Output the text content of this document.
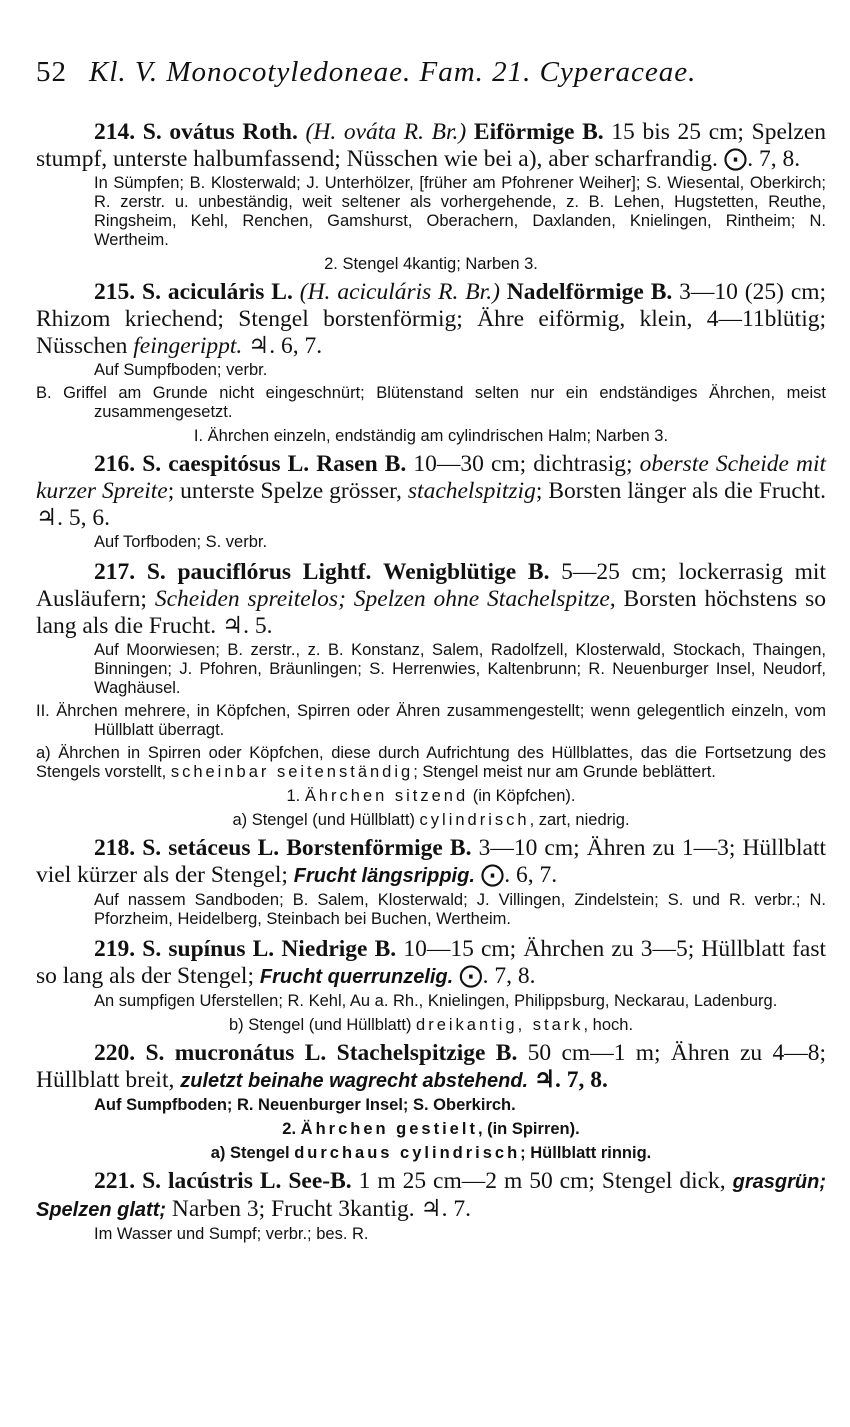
52 Kl. V. Monocotyledoneae. Fam. 21. Cyperaceae.

214. S. ovátus Roth. (H. ováta R. Br.) Eiförmige B. 15 bis 25 cm; Spelzen stumpf, unterste halbumfassend; Nüsschen wie bei a), aber scharfrandig. ⨀. 7, 8.

In Sümpfen; B. Klosterwald; J. Unterhölzer, [früher am Pfohrener Weiher]; S. Wiesental, Oberkirch; R. zerstr. u. unbeständig, weit seltener als vorhergehende, z. B. Lehen, Hugstetten, Reuthe, Ringsheim, Kehl, Renchen, Gamshurst, Oberachern, Daxlanden, Knielingen, Rintheim; N. Wertheim.

2. Stengel 4kantig; Narben 3.

215. S. aciculáris L. (H. aciculáris R. Br.) Nadelförmige B. 3—10 (25) cm; Rhizom kriechend; Stengel borstenförmig; Ähre eiförmig, klein, 4—11blütig; Nüsschen feingerippt. ♃. 6, 7.

Auf Sumpfboden; verbr.

B. Griffel am Grunde nicht eingeschnürt; Blütenstand selten nur ein endständiges Ährchen, meist zusammengesetzt.

I. Ährchen einzeln, endständig am cylindrischen Halm; Narben 3.

216. S. caespitósus L. Rasen B. 10—30 cm; dichtrasig; oberste Scheide mit kurzer Spreite; unterste Spelze grösser, stachelspitzig; Borsten länger als die Frucht. ♃. 5, 6.

Auf Torfboden; S. verbr.

217. S. pauciflórus Lightf. Wenigblütige B. 5—25 cm; lockerrasig mit Ausläufern; Scheiden spreitelos; Spelzen ohne Stachelspitze, Borsten höchstens so lang als die Frucht. ♃. 5.

Auf Moorwiesen; B. zerstr., z. B. Konstanz, Salem, Radolfzell, Klosterwald, Stockach, Thaingen, Binningen; J. Pfohren, Bräunlingen; S. Herrenwies, Kaltenbrunn; R. Neuenburger Insel, Neudorf, Waghäusel.

II. Ährchen mehrere, in Köpfchen, Spirren oder Ähren zusammengestellt; wenn gelegentlich einzeln, vom Hüllblatt überragt.

a) Ährchen in Spirren oder Köpfchen, diese durch Aufrichtung des Hüllblattes, das die Fortsetzung des Stengels vorstellt, scheinbar seitenständig; Stengel meist nur am Grunde beblättert.

1. Ährchen sitzend (in Köpfchen).

a) Stengel (und Hüllblatt) cylindrisch, zart, niedrig.

218. S. setáceus L. Borstenförmige B. 3—10 cm; Ähren zu 1—3; Hüllblatt viel kürzer als der Stengel; Frucht längsrippig. ⨀. 6, 7.

Auf nassem Sandboden; B. Salem, Klosterwald; J. Villingen, Zindelstein; S. und R. verbr.; N. Pforzheim, Heidelberg, Steinbach bei Buchen, Wertheim.

219. S. supínus L. Niedrige B. 10—15 cm; Ährchen zu 3—5; Hüllblatt fast so lang als der Stengel; Frucht querrunzelig. ⨀. 7, 8.

An sumpfigen Uferstellen; R. Kehl, Au a. Rh., Knielingen, Philippsburg, Neckarau, Ladenburg.

b) Stengel (und Hüllblatt) dreikantig, stark, hoch.

220. S. mucronátus L. Stachelspitzige B. 50 cm—1 m; Ähren zu 4—8; Hüllblatt breit, zuletzt beinahe wagrecht abstehend. ♃. 7, 8.

Auf Sumpfboden; R. Neuenburger Insel; S. Oberkirch.

2. Ährchen gestielt, (in Spirren).

a) Stengel durchaus cylindrisch; Hüllblatt rinnig.

221. S. lacústris L. See-B. 1 m 25 cm—2 m 50 cm; Stengel dick, grasgrün; Spelzen glatt; Narben 3; Frucht 3kantig. ♃. 7.

Im Wasser und Sumpf; verbr.; bes. R.
